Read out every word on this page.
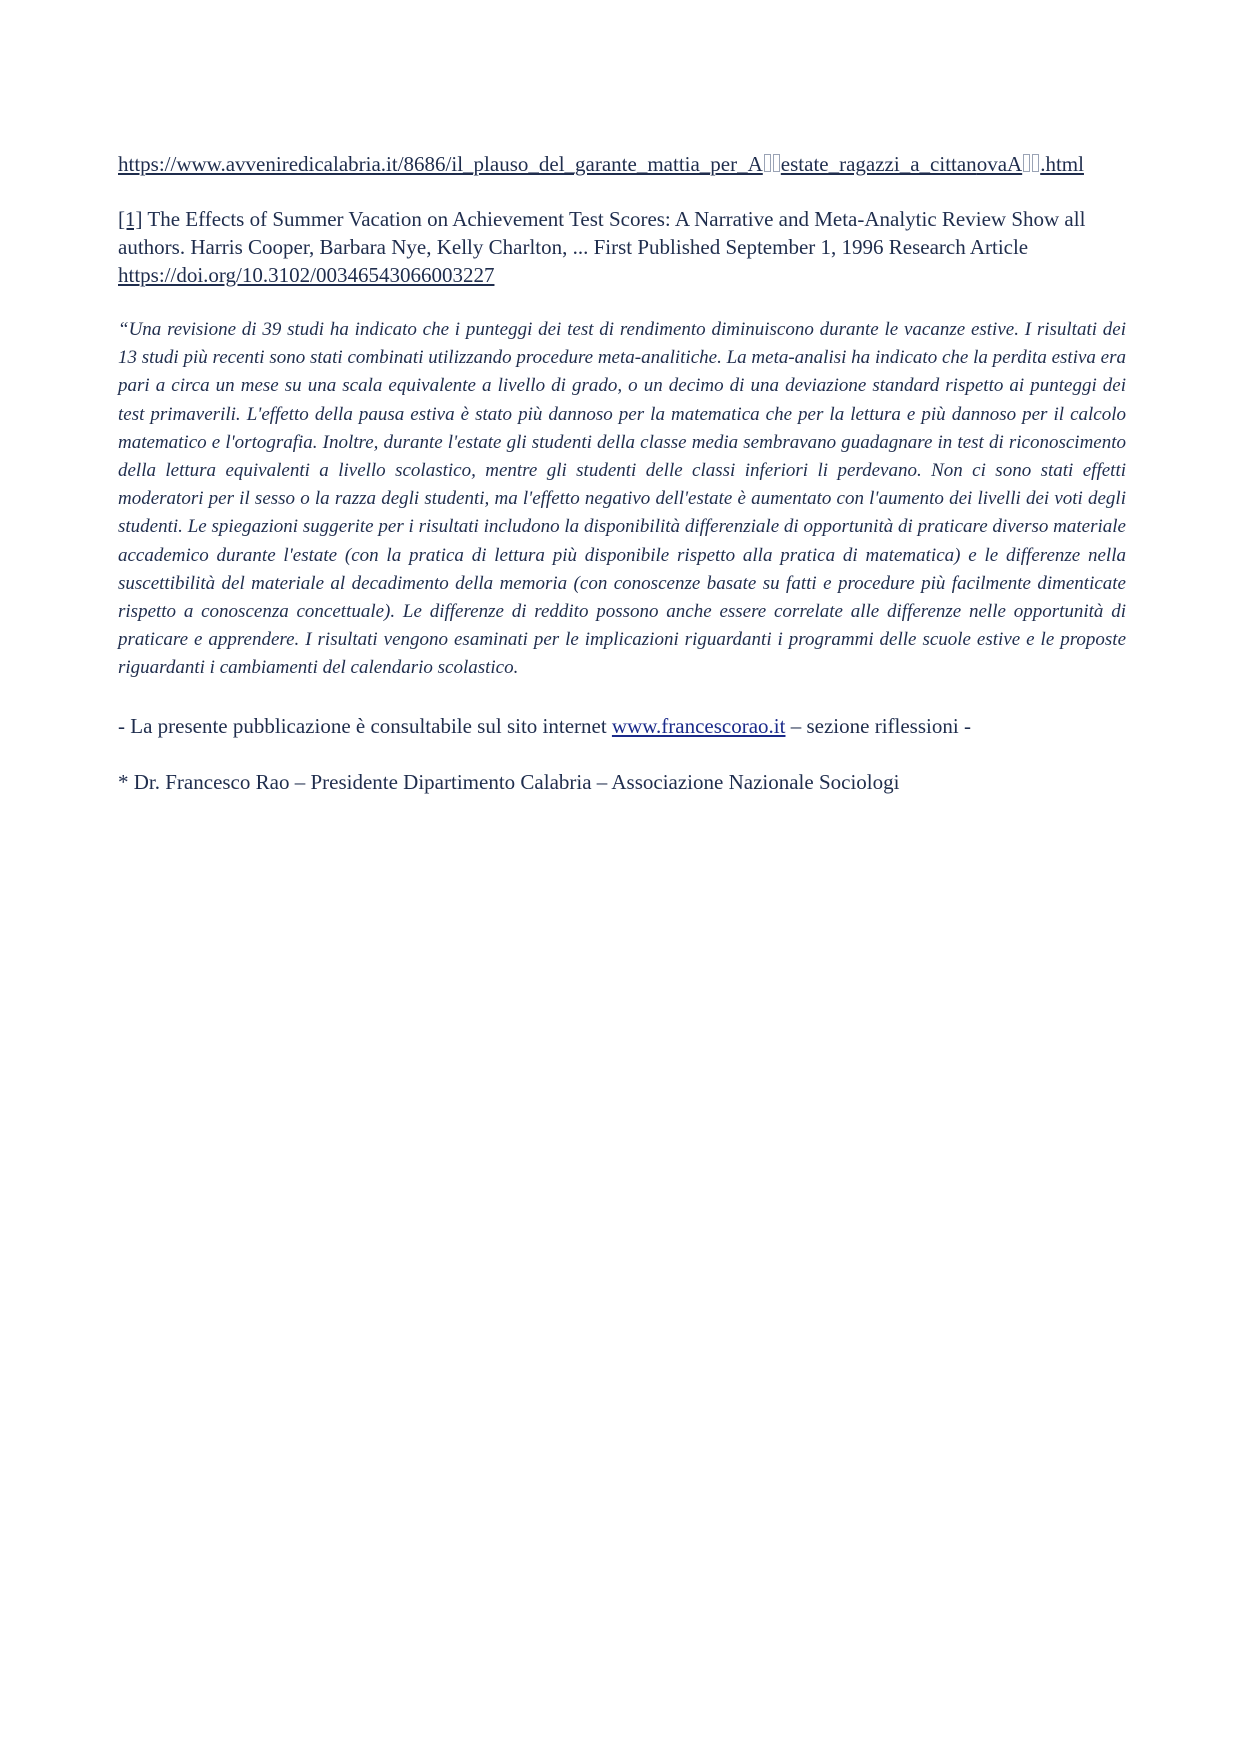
https://www.avveniredicalabria.it/8686/il_plauso_del_garante_mattia_per_A estate_ragazzi_a_cittanovaA .html

[1] The Effects of Summer Vacation on Achievement Test Scores: A Narrative and Meta-Analytic Review Show all authors. Harris Cooper, Barbara Nye, Kelly Charlton, ... First Published September 1, 1996 Research Article https://doi.org/10.3102/00346543066003227

“Una revisione di 39 studi ha indicato che i punteggi dei test di rendimento diminuiscono durante le vacanze estive. I risultati dei 13 studi più recenti sono stati combinati utilizzando procedure meta-analitiche. La meta-analisi ha indicato che la perdita estiva era pari a circa un mese su una scala equivalente a livello di grado, o un decimo di una deviazione standard rispetto ai punteggi dei test primaverili. L'effetto della pausa estiva è stato più dannoso per la matematica che per la lettura e più dannoso per il calcolo matematico e l'ortografia. Inoltre, durante l'estate gli studenti della classe media sembravano guadagnare in test di riconoscimento della lettura equivalenti a livello scolastico, mentre gli studenti delle classi inferiori li perdevano. Non ci sono stati effetti moderatori per il sesso o la razza degli studenti, ma l'effetto negativo dell'estate è aumentato con l'aumento dei livelli dei voti degli studenti. Le spiegazioni suggerite per i risultati includono la disponibilità differenziale di opportunità di praticare diverso materiale accademico durante l'estate (con la pratica di lettura più disponibile rispetto alla pratica di matematica) e le differenze nella suscettibilità del materiale al decadimento della memoria (con conoscenze basate su fatti e procedure più facilmente dimenticate rispetto a conoscenza concettuale). Le differenze di reddito possono anche essere correlate alle differenze nelle opportunità di praticare e apprendere. I risultati vengono esaminati per le implicazioni riguardanti i programmi delle scuole estive e le proposte riguardanti i cambiamenti del calendario scolastico.

- La presente pubblicazione è consultabile sul sito internet www.francescorao.it – sezione riflessioni -

* Dr. Francesco Rao – Presidente Dipartimento Calabria – Associazione Nazionale Sociologi
